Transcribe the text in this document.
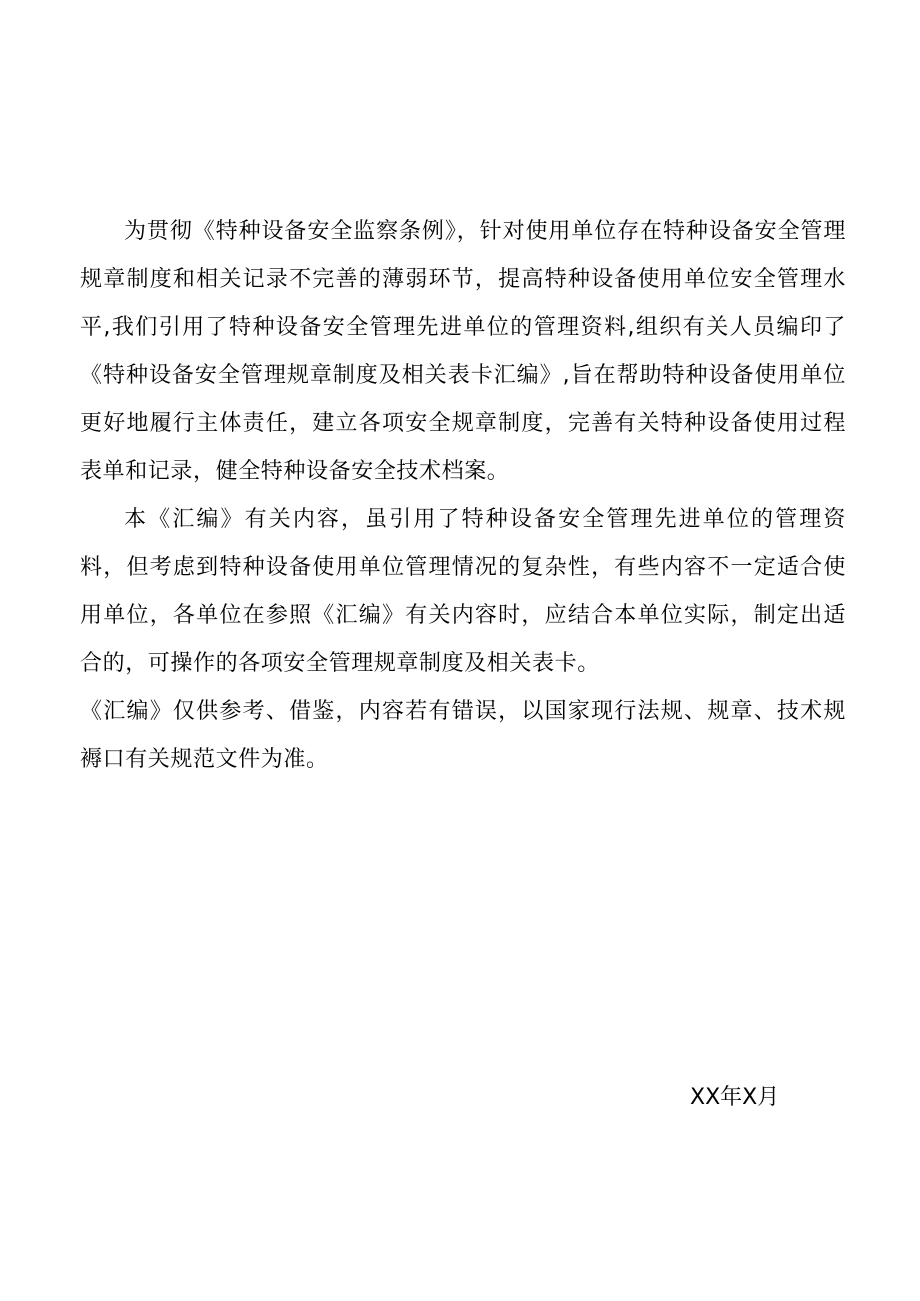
为贯彻《特种设备安全监察条例》，针对使用单位存在特种设备安全管理规章制度和相关记录不完善的薄弱环节，提高特种设备使用单位安全管理水平,我们引用了特种设备安全管理先进单位的管理资料,组织有关人员编印了《特种设备安全管理规章制度及相关表卡汇编》,旨在帮助特种设备使用单位更好地履行主体责任，建立各项安全规章制度，完善有关特种设备使用过程表单和记录，健全特种设备安全技术档案。

本《汇编》有关内容，虽引用了特种设备安全管理先进单位的管理资料，但考虑到特种设备使用单位管理情况的复杂性，有些内容不一定适合使用单位，各单位在参照《汇编》有关内容时，应结合本单位实际，制定出适合的，可操作的各项安全管理规章制度及相关表卡。

《汇编》仅供参考、借鉴，内容若有错误，以国家现行法规、规章、技术规褥口有关规范文件为准。

XX年X月
